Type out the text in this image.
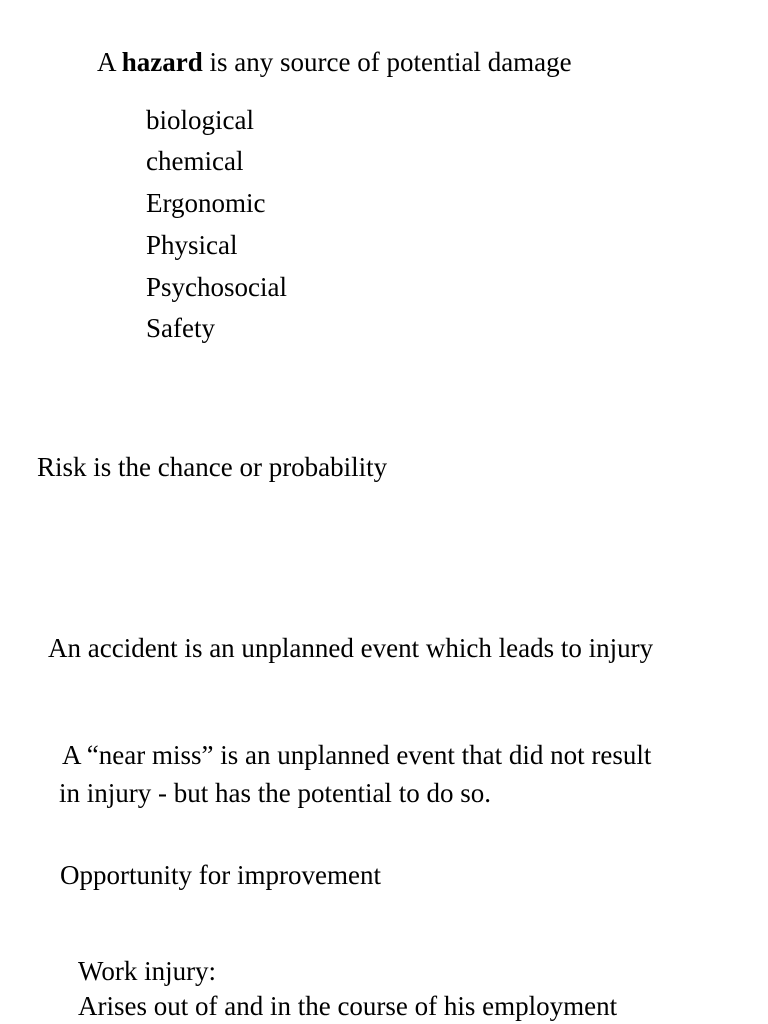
A hazard is any source of potential damage
biological
chemical
Ergonomic
Physical
Psychosocial
Safety
Risk is the chance or probability
An accident is an unplanned event which leads to injury
A “near miss” is an unplanned event that did not result
in injury - but has the potential to do so.
Opportunity for improvement
Work injury:
Arises out of and in the course of his employment
